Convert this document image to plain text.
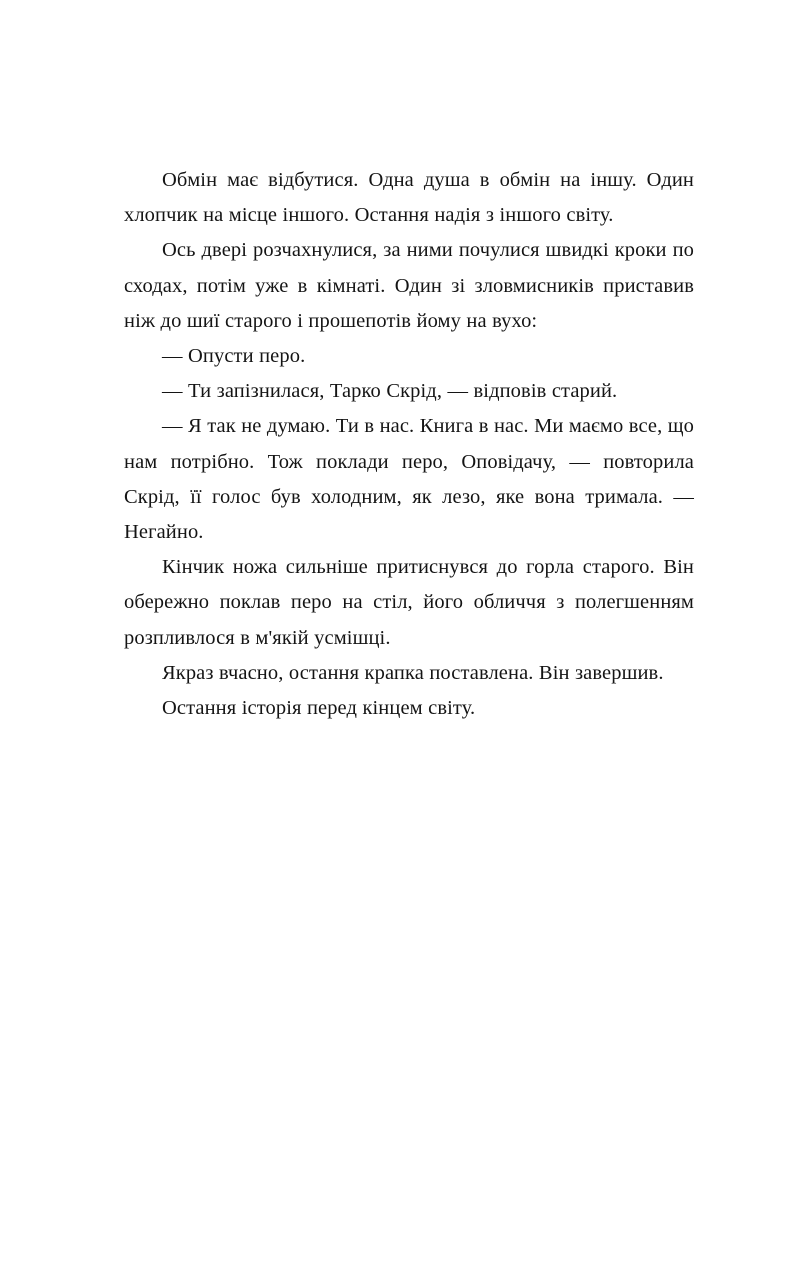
Обмін має відбутися. Одна душа в обмін на іншу. Один хлопчик на місце іншого. Остання надія з іншого світу.

Ось двері розчахнулися, за ними почулися швидкі кроки по сходах, потім уже в кімнаті. Один зі зловмисників приставив ніж до шиї старого і прошепотів йому на вухо:

— Опусти перо.

— Ти запізнилася, Тарко Скрід, — відповів старий.

— Я так не думаю. Ти в нас. Книга в нас. Ми маємо все, що нам потрібно. Тож поклади перо, Оповідачу, — повторила Скрід, її голос був холодним, як лезо, яке вона тримала. — Негайно.

Кінчик ножа сильніше притиснувся до горла старого. Він обережно поклав перо на стіл, його обличчя з полегшенням розпливлося в м'якій усмішці.

Якраз вчасно, остання крапка поставлена. Він завершив.

Остання історія перед кінцем світу.
